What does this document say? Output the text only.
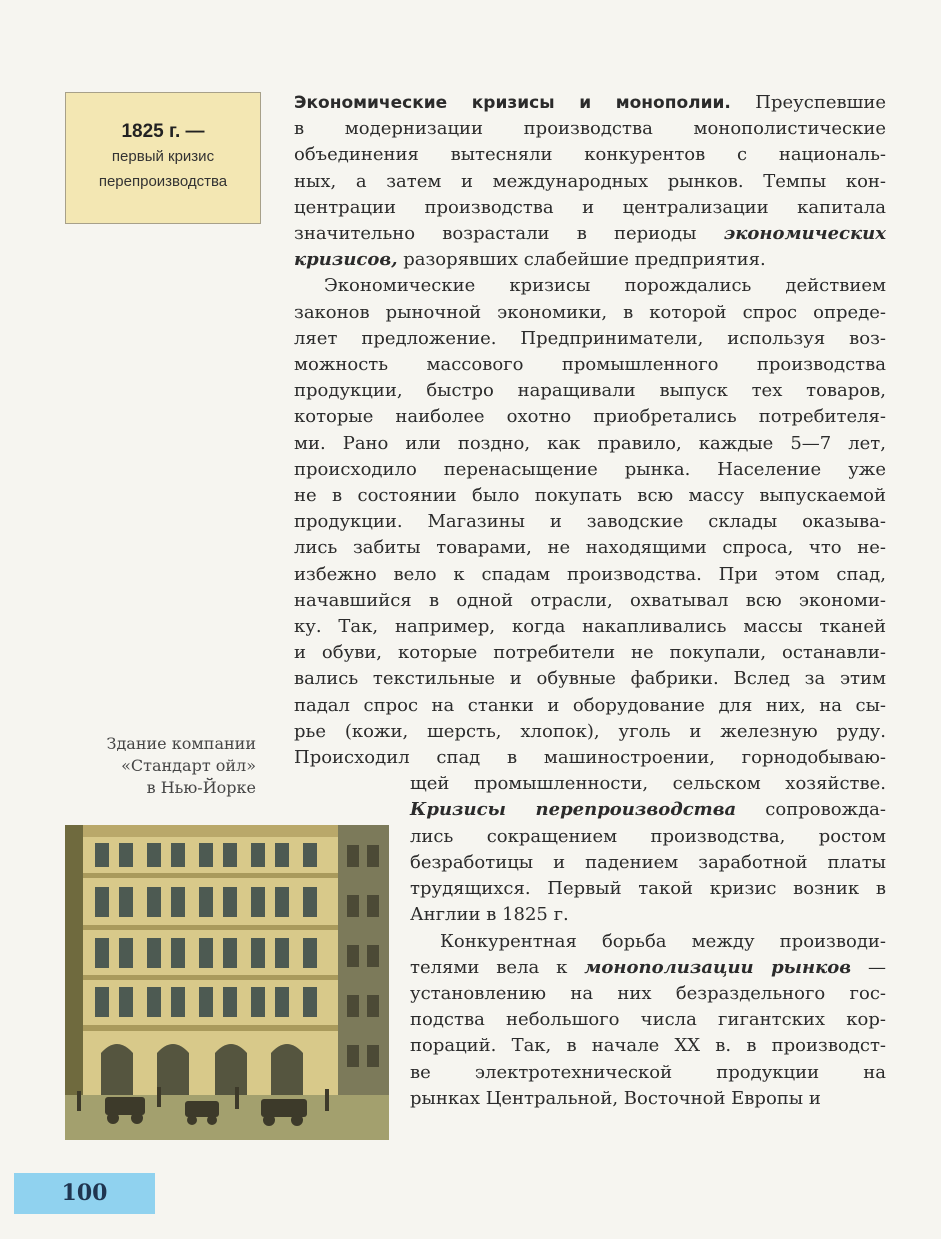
1825 г. —
первый кризис
перепроизводства
Здание компании
«Стандарт ойл»
в Нью-Йорке
Экономические кризисы и монополии. Преуспевшие
в модернизации производства монополистические
объединения вытесняли конкурентов с националь-
ных, а затем и международных рынков. Темпы кон-
центрации производства и централизации капитала
значительно возрастали в периоды экономических
кризисов, разорявших слабейшие предприятия.
Экономические кризисы порождались действием
законов рыночной экономики, в которой спрос опреде-
ляет предложение. Предприниматели, используя воз-
можность массового промышленного производства
продукции, быстро наращивали выпуск тех товаров,
которые наиболее охотно приобретались потребителя-
ми. Рано или поздно, как правило, каждые 5—7 лет,
происходило перенасыщение рынка. Население уже
не в состоянии было покупать всю массу выпускаемой
продукции. Магазины и заводские склады оказыва-
лись забиты товарами, не находящими спроса, что не-
избежно вело к спадам производства. При этом спад,
начавшийся в одной отрасли, охватывал всю экономи-
ку. Так, например, когда накапливались массы тканей
и обуви, которые потребители не покупали, останавли-
вались текстильные и обувные фабрики. Вслед за этим
падал спрос на станки и оборудование для них, на сы-
рье (кожи, шерсть, хлопок), уголь и железную руду.
Происходил спад в машиностроении, горнодобываю-
щей промышленности, сельском хозяйстве.
Кризисы перепроизводства сопровожда-
лись сокращением производства, ростом
безработицы и падением заработной платы
трудящихся. Первый такой кризис возник в
Англии в 1825 г.
Конкурентная борьба между производи-
телями вела к монополизации рынков —
установлению на них безраздельного гос-
подства небольшого числа гигантских кор-
пораций. Так, в начале XX в. в производст-
ве электротехнической продукции на
рынках Центральной, Восточной Европы и
100
